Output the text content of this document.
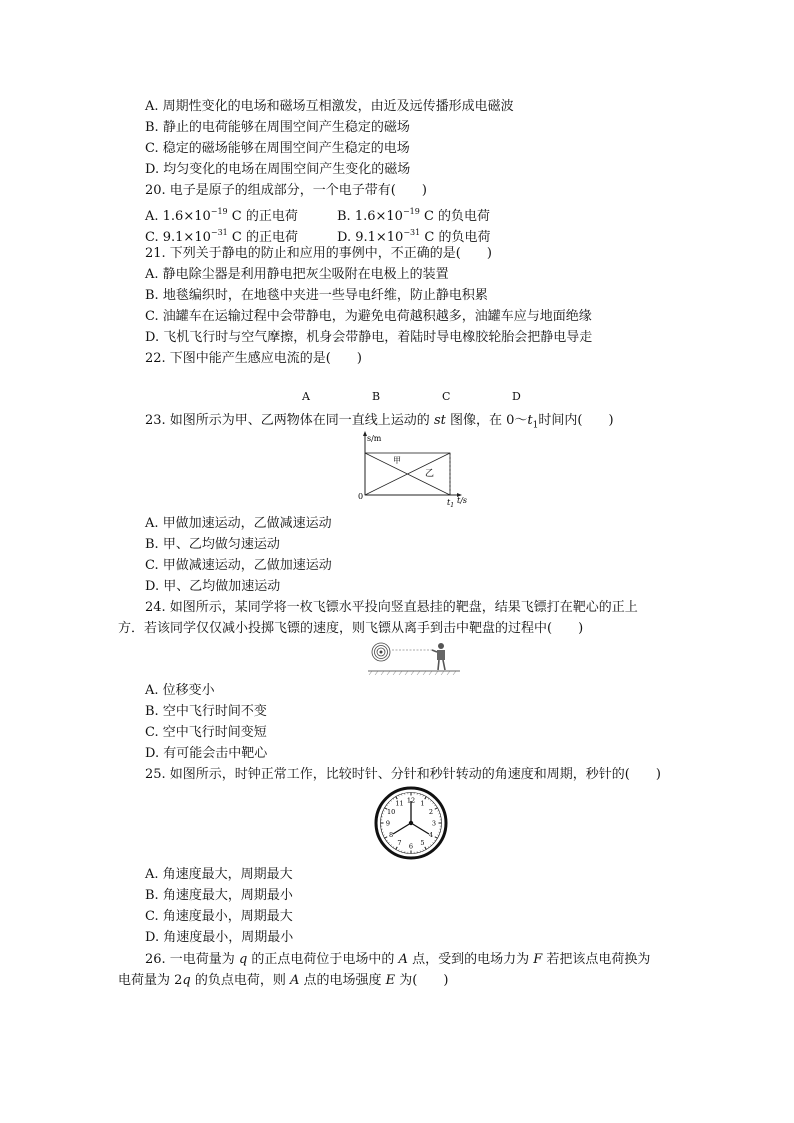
A. 周期性变化的电场和磁场互相激发，由近及远传播形成电磁波
B. 静止的电荷能够在周围空间产生稳定的磁场
C. 稳定的磁场能够在周围空间产生稳定的电场
D. 均匀变化的电场在周围空间产生变化的磁场
20. 电子是原子的组成部分，一个电子带有(　　)
A. $1.6\times 10^{-19}$ C 的正电荷	B. $1.6\times 10^{-19}$ C 的负电荷
C. $9.1\times 10^{-31}$ C 的正电荷	D. $9.1\times 10^{-31}$ C 的负电荷
21. 下列关于静电的防止和应用的事例中，不正确的是(　　)
A. 静电除尘器是利用静电把灰尘吸附在电极上的装置
B. 地毯编织时，在地毯中夹进一些导电纤维，防止静电积累
C. 油罐车在运输过程中会带静电，为避免电荷越积越多，油罐车应与地面绝缘
D. 飞机飞行时与空气摩擦，机身会带静电，着陆时导电橡胶轮胎会把静电导走
22. 下图中能产生感应电流的是(　　)
A	B	C	D
23. 如图所示为甲、乙两物体在同一直线上运动的 st 图像，在 $0\sim t_1$时间内(　　)
s/m
0
$t_1$
t/s
甲
乙
A. 甲做加速运动，乙做减速运动
B. 甲、乙均做匀速运动
C. 甲做减速运动，乙做加速运动
D. 甲、乙均做加速运动
24. 如图所示，某同学将一枚飞镖水平投向竖直悬挂的靶盘，结果飞镖打在靶心的正上
方．若该同学仅仅减小投掷飞镖的速度，则飞镖从离手到击中靶盘的过程中(　　)
A. 位移变小
B. 空中飞行时间不变
C. 空中飞行时间变短
D. 有可能会击中靶心
25. 如图所示，时钟正常工作，比较时针、分针和秒针转动的角速度和周期，秒针的(　　)
12 1
2
3
4
5
6
7
8
9
10
11
A. 角速度最大，周期最大
B. 角速度最大，周期最小
C. 角速度最小，周期最大
D. 角速度最小，周期最小
26. 一电荷量为 q 的正点电荷位于电场中的 A 点，受到的电场力为 F 若把该点电荷换为
电荷量为 2q 的负点电荷，则 A 点的电场强度 E 为(　　)
